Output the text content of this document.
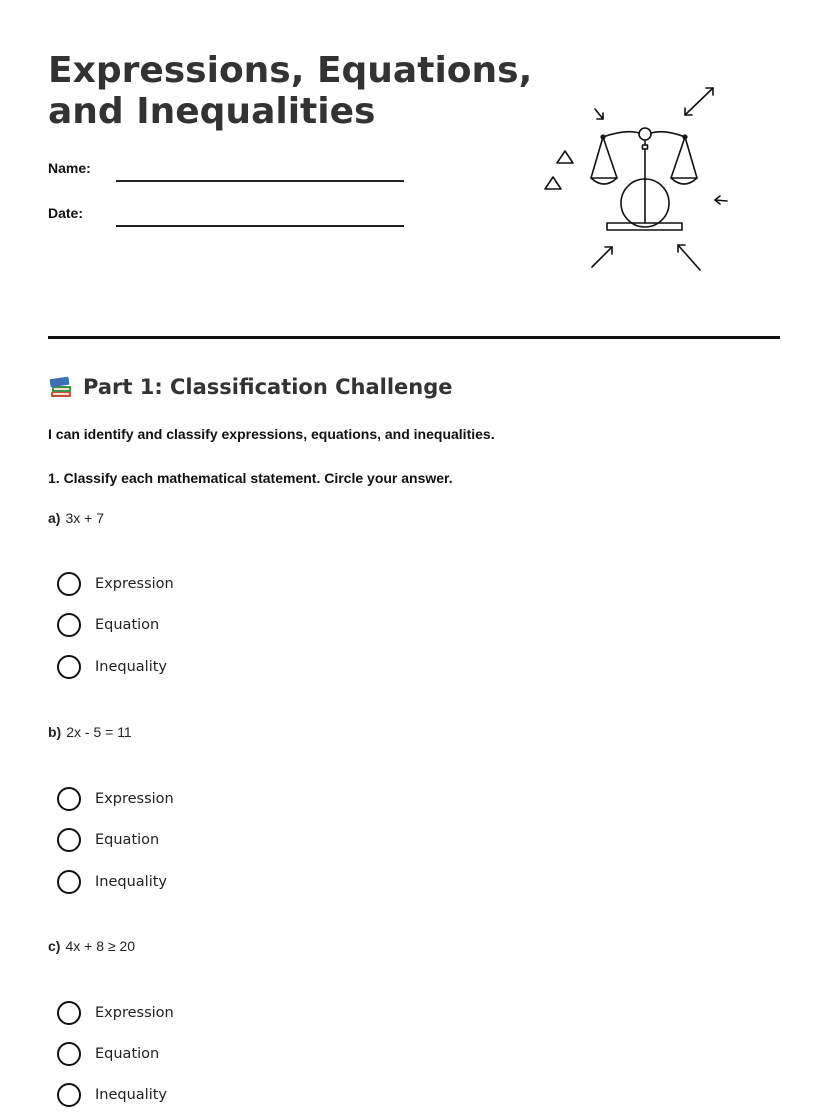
Expressions, Equations,
and Inequalities
Name:
Date:
Part 1: Classification Challenge
I can identify and classify expressions, equations, and inequalities.
1. Classify each mathematical statement. Circle your answer.
a) 3x + 7
Expression
Equation
Inequality
b) 2x - 5 = 11
Expression
Equation
Inequality
c) 4x + 8 ≥ 20
Expression
Equation
Inequality
